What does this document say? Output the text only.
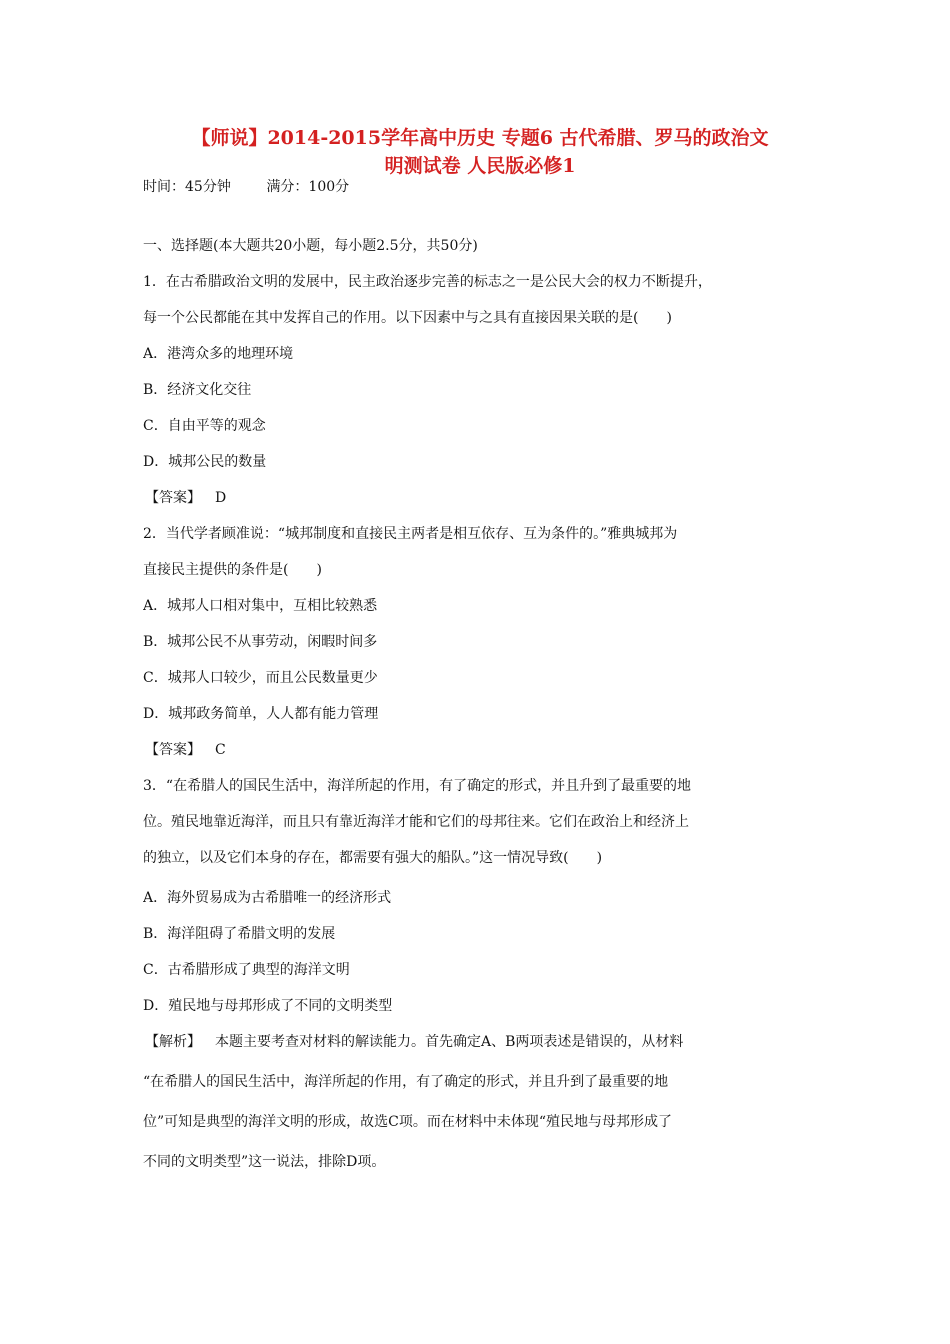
【师说】2014-2015学年高中历史 专题6 古代希腊、罗马的政治文
明测试卷 人民版必修1
时间：45分钟	满分：100分
一、选择题(本大题共20小题，每小题2.5分，共50分)
1．在古希腊政治文明的发展中，民主政治逐步完善的标志之一是公民大会的权力不断提升，
每一个公民都能在其中发挥自己的作用。以下因素中与之具有直接因果关联的是(　　)
A．港湾众多的地理环境
B．经济文化交往
C．自由平等的观念
D．城邦公民的数量
【答案】 D
2．当代学者顾准说：“城邦制度和直接民主两者是相互依存、互为条件的。”雅典城邦为
直接民主提供的条件是(　　)
A．城邦人口相对集中，互相比较熟悉
B．城邦公民不从事劳动，闲暇时间多
C．城邦人口较少，而且公民数量更少
D．城邦政务简单，人人都有能力管理
【答案】 C
3．“在希腊人的国民生活中，海洋所起的作用，有了确定的形式，并且升到了最重要的地
位。殖民地靠近海洋，而且只有靠近海洋才能和它们的母邦往来。它们在政治上和经济上
的独立，以及它们本身的存在，都需要有强大的船队。”这一情况导致(　　)
A．海外贸易成为古希腊唯一的经济形式
B．海洋阻碍了希腊文明的发展
C．古希腊形成了典型的海洋文明
D．殖民地与母邦形成了不同的文明类型
【解析】 本题主要考查对材料的解读能力。首先确定A、B两项表述是错误的，从材料
“在希腊人的国民生活中，海洋所起的作用，有了确定的形式，并且升到了最重要的地
位”可知是典型的海洋文明的形成，故选C项。而在材料中未体现“殖民地与母邦形成了
不同的文明类型”这一说法，排除D项。
